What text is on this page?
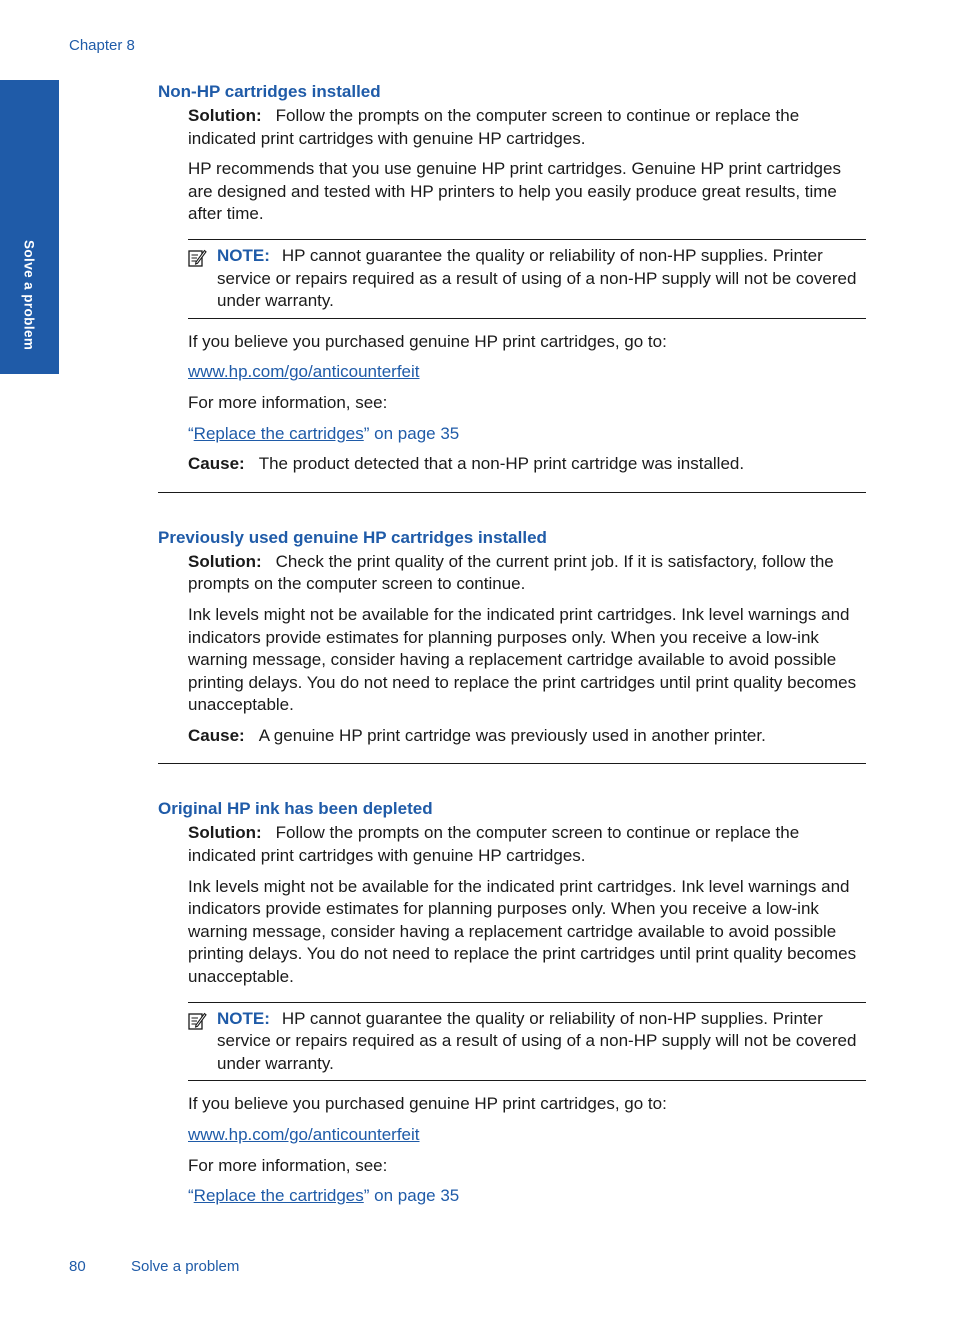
Chapter 8
Solve a problem
Non-HP cartridges installed

Solution: Follow the prompts on the computer screen to continue or replace the indicated print cartridges with genuine HP cartridges.

HP recommends that you use genuine HP print cartridges. Genuine HP print cartridges are designed and tested with HP printers to help you easily produce great results, time after time.

NOTE: HP cannot guarantee the quality or reliability of non-HP supplies. Printer service or repairs required as a result of using of a non-HP supply will not be covered under warranty.

If you believe you purchased genuine HP print cartridges, go to:

www.hp.com/go/anticounterfeit

For more information, see:

“Replace the cartridges” on page 35

Cause: The product detected that a non-HP print cartridge was installed.

Previously used genuine HP cartridges installed

Solution: Check the print quality of the current print job. If it is satisfactory, follow the prompts on the computer screen to continue.

Ink levels might not be available for the indicated print cartridges. Ink level warnings and indicators provide estimates for planning purposes only. When you receive a low-ink warning message, consider having a replacement cartridge available to avoid possible printing delays. You do not need to replace the print cartridges until print quality becomes unacceptable.

Cause: A genuine HP print cartridge was previously used in another printer.

Original HP ink has been depleted

Solution: Follow the prompts on the computer screen to continue or replace the indicated print cartridges with genuine HP cartridges.

Ink levels might not be available for the indicated print cartridges. Ink level warnings and indicators provide estimates for planning purposes only. When you receive a low-ink warning message, consider having a replacement cartridge available to avoid possible printing delays. You do not need to replace the print cartridges until print quality becomes unacceptable.

NOTE: HP cannot guarantee the quality or reliability of non-HP supplies. Printer service or repairs required as a result of using of a non-HP supply will not be covered under warranty.

If you believe you purchased genuine HP print cartridges, go to:

www.hp.com/go/anticounterfeit

For more information, see:

“Replace the cartridges” on page 35

80	Solve a problem
